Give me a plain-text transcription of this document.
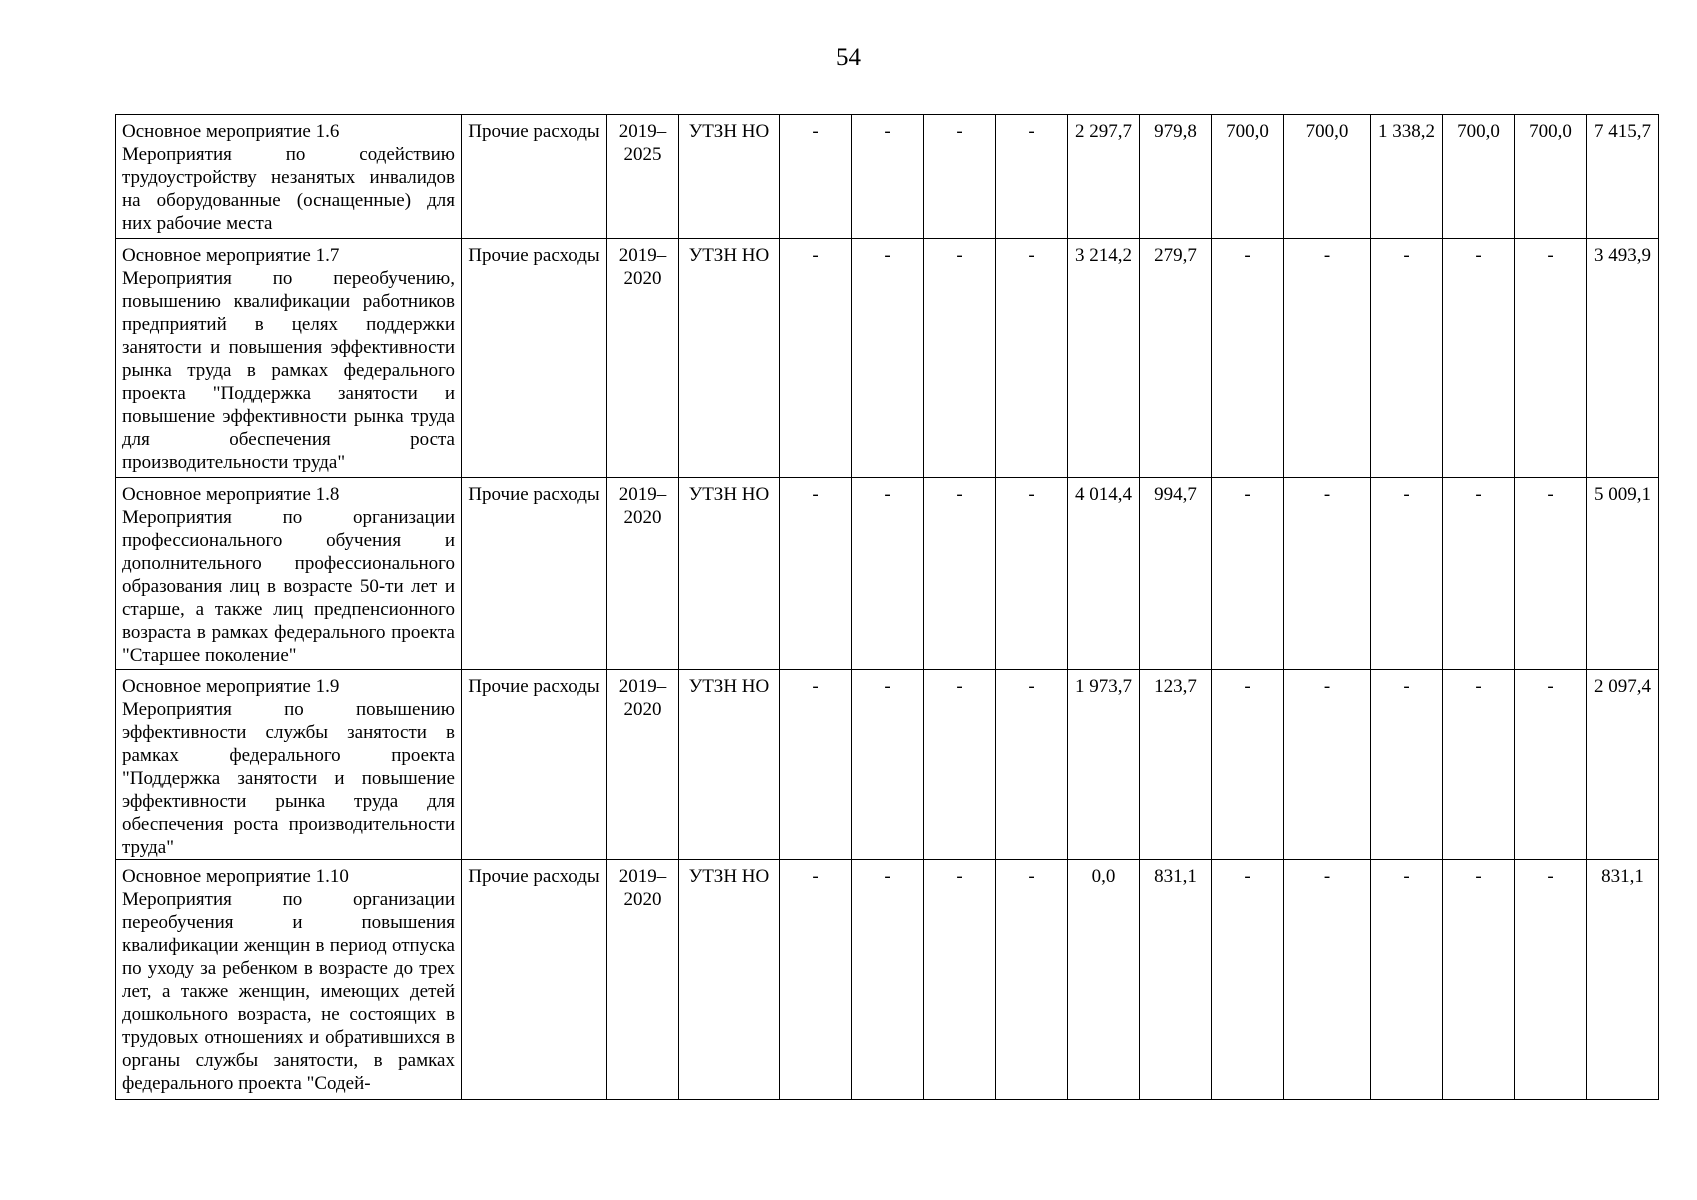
54
Основное мероприятие 1.6
Мероприятия по содействию трудоустройству незанятых инвалидов на оборудованные (оснащенные) для них рабочие места	Прочие расходы	2019–2025	УТЗН НО	-	-	-	-	2 297,7	979,8	700,0	700,0	1 338,2	700,0	700,0	7 415,7

Основное мероприятие 1.7
Мероприятия по переобучению, повышению квалификации работников предприятий в целях поддержки занятости и повышения эффективности рынка труда в рамках федерального проекта "Поддержка занятости и повышение эффективности рынка труда для обеспечения роста производительности труда"	Прочие расходы	2019–2020	УТЗН НО	-	-	-	-	3 214,2	279,7	-	-	-	-	-	3 493,9

Основное мероприятие 1.8
Мероприятия по организации профессионального обучения и дополнительного профессионального образования лиц в возрасте 50-ти лет и старше, а также лиц предпенсионного возраста в рамках федерального проекта "Старшее поколение"	Прочие расходы	2019–2020	УТЗН НО	-	-	-	-	4 014,4	994,7	-	-	-	-	-	5 009,1

Основное мероприятие 1.9
Мероприятия по повышению эффективности службы занятости в рамках федерального проекта "Поддержка занятости и повышение эффективности рынка труда для обеспечения роста производительности труда"	Прочие расходы	2019–2020	УТЗН НО	-	-	-	-	1 973,7	123,7	-	-	-	-	-	2 097,4

Основное мероприятие 1.10
Мероприятия по организации переобучения и повышения квалификации женщин в период отпуска по уходу за ребенком в возрасте до трех лет, а также женщин, имеющих детей дошкольного возраста, не состоящих в трудовых отношениях и обратившихся в органы службы занятости, в рамках федерального проекта "Содей-	Прочие расходы	2019–2020	УТЗН НО	-	-	-	-	0,0	831,1	-	-	-	-	-	831,1
